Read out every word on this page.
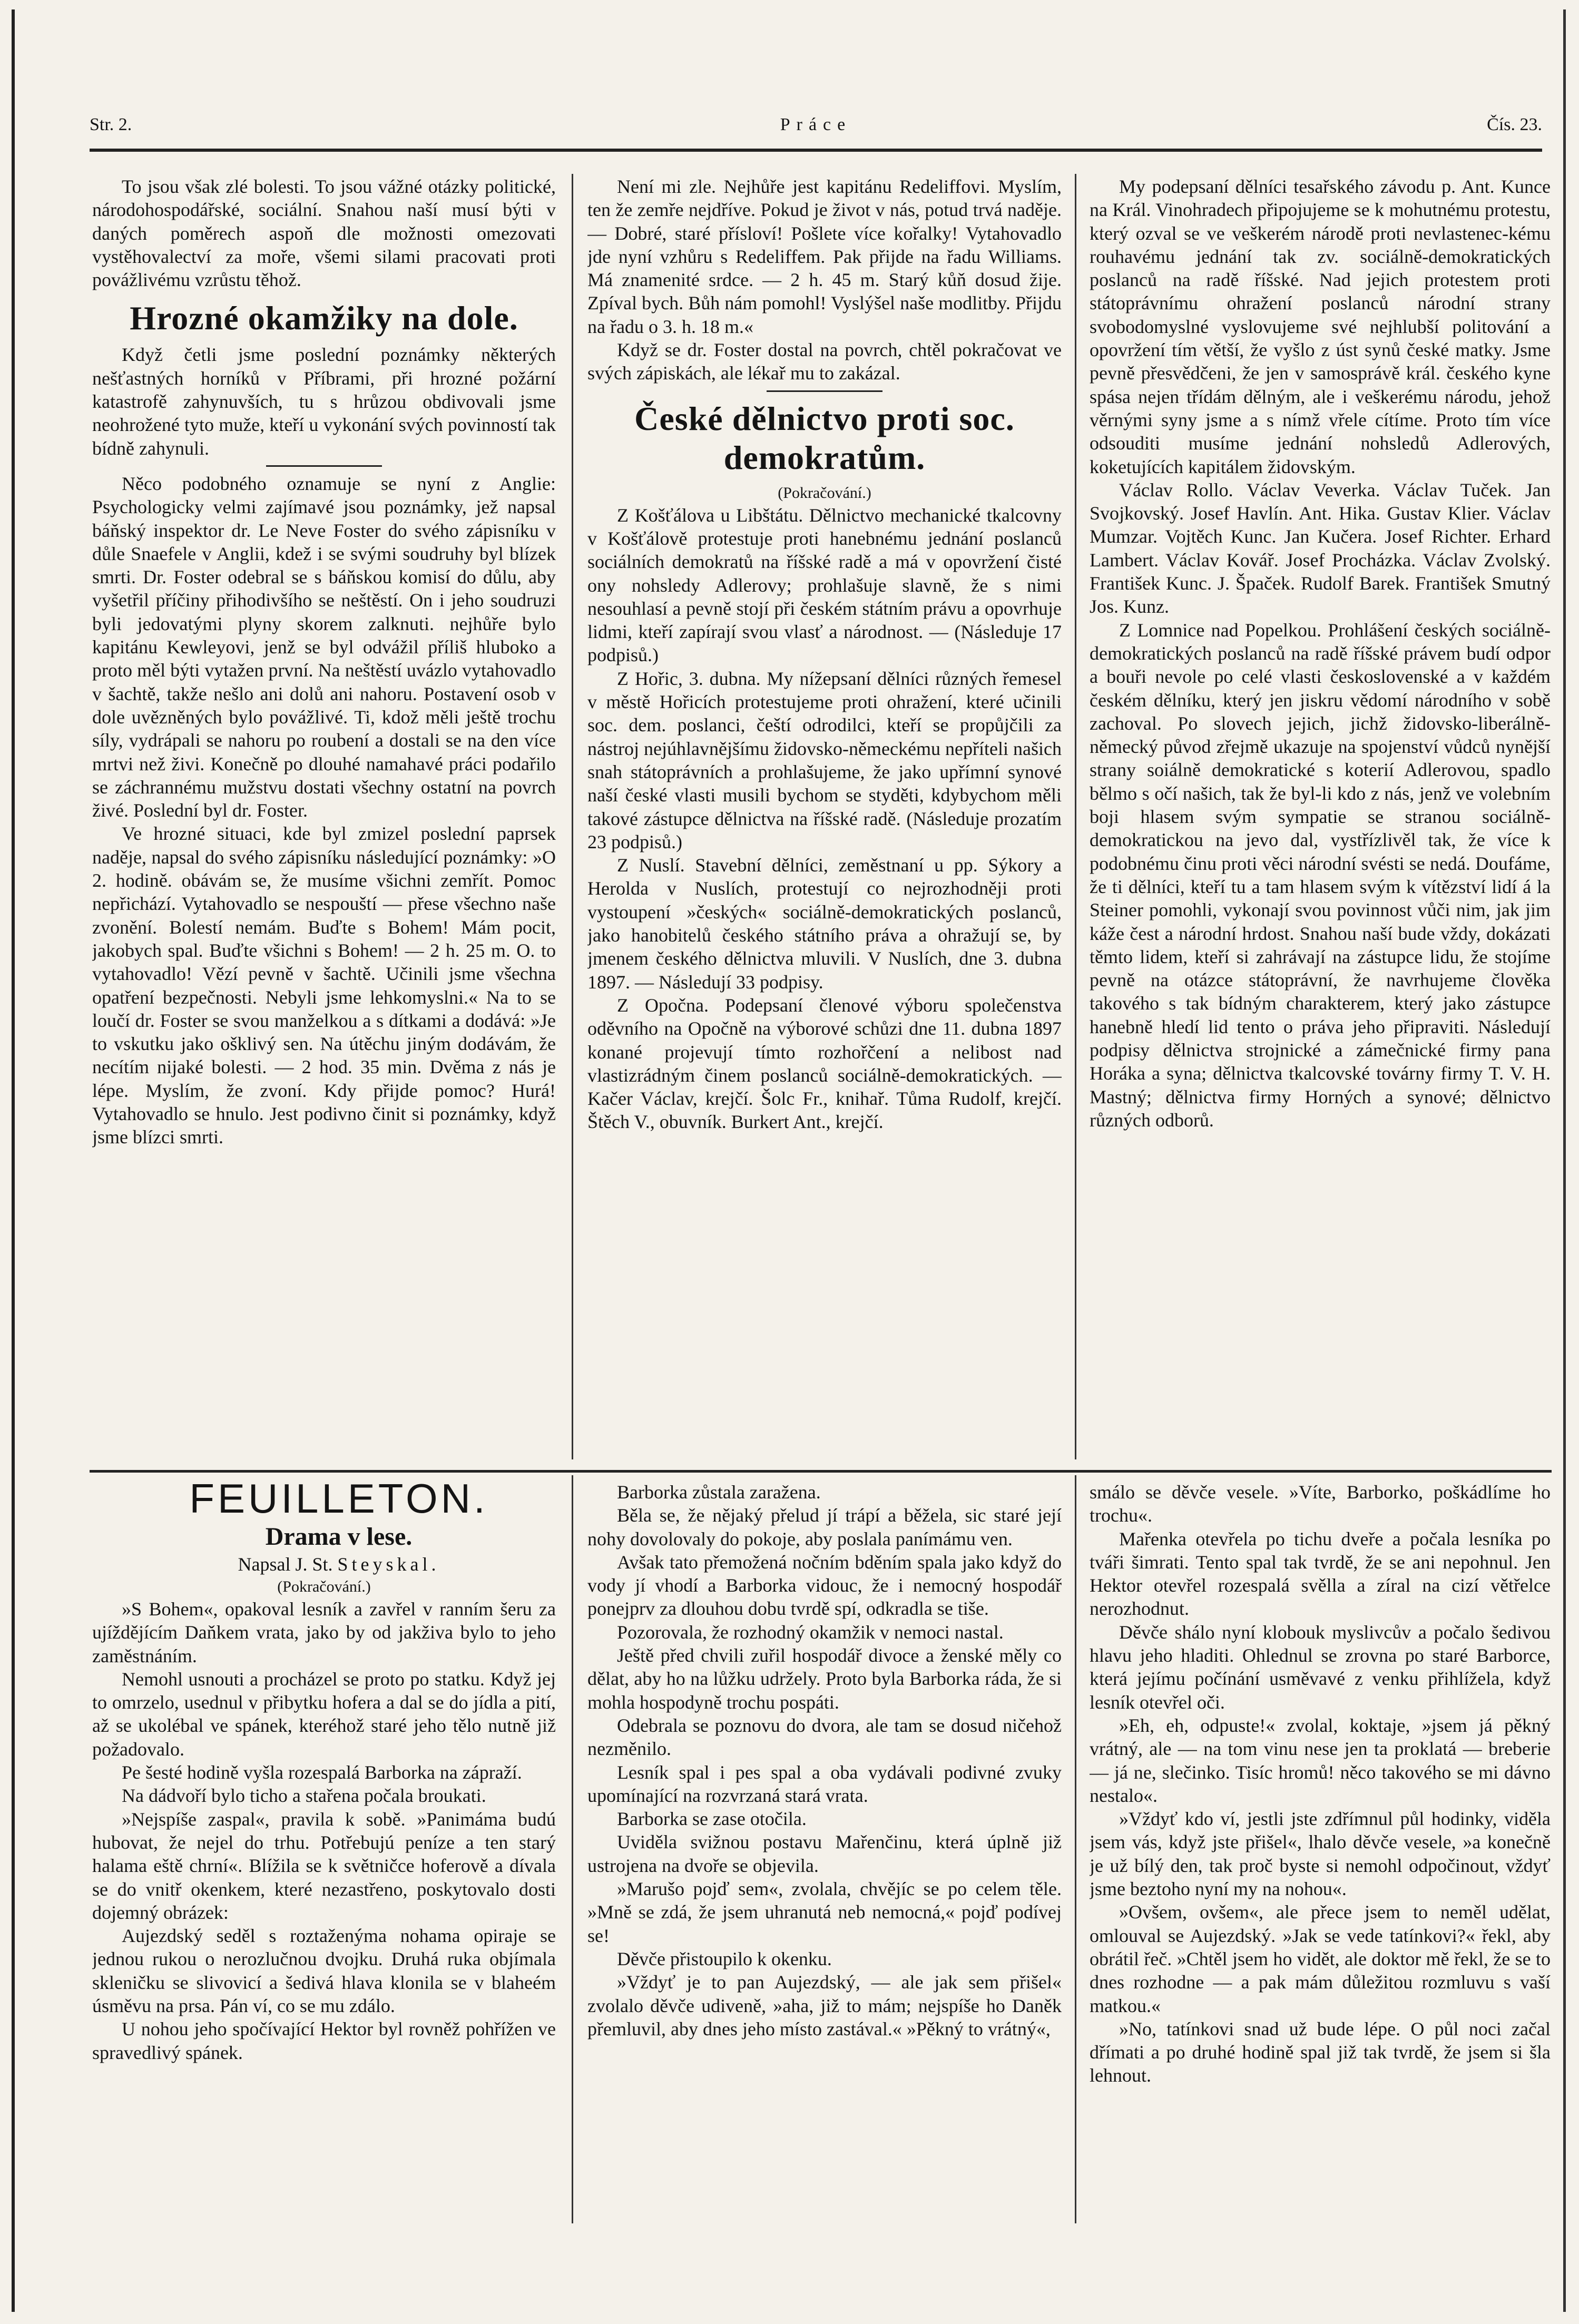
Str. 2.	Práce	Čís. 23.

To jsou však zlé bolesti. To jsou vážné otázky politické, národohospodářské, sociální. Snahou naší musí býti v daných poměrech aspoň dle možnosti omezovati vystěhovalectví za moře, všemi silami pracovati proti povážlivému vzrůstu těhož.

Hrozné okamžiky na dole.

Když četli jsme poslední poznámky některých nešťastných horníků v Příbrami, při hrozné požární katastrofě zahynuvších, tu s hrůzou obdivovali jsme neohrožené tyto muže, kteří u vykonání svých povinností tak bídně zahynuli.

Něco podobného oznamuje se nyní z Anglie: Psychologicky velmi zajímavé jsou poznámky, jež napsal báňský inspektor dr. Le Neve Foster do svého zápisníku v důle Snaefele v Anglii, kdež i se svými soudruhy byl blízek smrti. Dr. Foster odebral se s báňskou komisí do důlu, aby vyšetřil příčiny přihodivšího se neštěstí. On i jeho soudruzi byli jedovatými plyny skorem zalknuti. nejhůře bylo kapitánu Kewleyovi, jenž se byl odvážil příliš hluboko a proto měl býti vytažen první. Na neštěstí uvázlo vytahovadlo v šachtě, takže nešlo ani dolů ani nahoru. Postavení osob v dole uvězněných bylo povážlivé. Ti, kdož měli ještě trochu síly, vydrápali se nahoru po roubení a dostali se na den více mrtvi než živi. Konečně po dlouhé namahavé práci podařilo se záchrannému mužstvu dostati všechny ostatní na povrch živé. Poslední byl dr. Foster.

Ve hrozné situaci, kde byl zmizel poslední paprsek naděje, napsal do svého zápisníku následující poznámky: »O 2. hodině. obávám se, že musíme všichni zemřít. Pomoc nepřichází. Vytahovadlo se nespouští — přese všechno naše zvonění. Bolestí nemám. Buďte s Bohem! Mám pocit, jakobych spal. Buďte všichni s Bohem! — 2 h. 25 m. O. to vytahovadlo! Vězí pevně v šachtě. Učinili jsme všechna opatření bezpečnosti. Nebyli jsme lehkomyslni.« Na to se loučí dr. Foster se svou manželkou a s dítkami a dodává: »Je to vskutku jako ošklivý sen. Na útěchu jiným dodávám, že necítím nijaké bolesti. — 2 hod. 35 min. Dvěma z nás je lépe. Myslím, že zvoní. Kdy přijde pomoc? Hurá! Vytahovadlo se hnulo. Jest podivno činit si poznámky, když jsme blízci smrti.

Není mi zle. Nejhůře jest kapitánu Redeliffovi. Myslím, ten že zemře nejdříve. Pokud je život v nás, potud trvá naděje. — Dobré, staré přísloví! Pošlete více kořalky! Vytahovadlo jde nyní vzhůru s Redeliffem. Pak přijde na řadu Williams. Má znamenité srdce. — 2 h. 45 m. Starý kůň dosud žije. Zpíval bych. Bůh nám pomohl! Vyslýšel naše modlitby. Přijdu na řadu o 3. h. 18 m.«

Když se dr. Foster dostal na povrch, chtěl pokračovat ve svých zápiskách, ale lékař mu to zakázal.

České dělnictvo proti soc. demokratům.

(Pokračování.)

Z Košťálova u Libštátu. Dělnictvo mechanické tkalcovny v Košťálově protestuje proti hanebnému jednání poslanců sociálních demokratů na říšské radě a má v opovržení čisté ony nohsledy Adlerovy; prohlašuje slavně, že s nimi nesouhlasí a pevně stojí při českém státním právu a opovrhuje lidmi, kteří zapírají svou vlasť a národnost. — (Následuje 17 podpisů.)

Z Hořic, 3. dubna. My nížepsaní dělníci různých řemesel v městě Hořicích protestujeme proti ohražení, které učinili soc. dem. poslanci, čeští odrodilci, kteří se propůjčili za nástroj nejúhlavnějšímu židovsko-německému nepříteli našich snah státoprávních a prohlašujeme, že jako upřímní synové naší české vlasti musili bychom se styděti, kdybychom měli takové zástupce dělnictva na říšské radě. (Následuje prozatím 23 podpisů.)

Z Nuslí. Stavební dělníci, zeměstnaní u pp. Sýkory a Herolda v Nuslích, protestují co nejrozhodněji proti vystoupení »českých« sociálně-demokratických poslanců, jako hanobitelů českého státního práva a ohražují se, by jmenem českého dělnictva mluvili. V Nuslích, dne 3. dubna 1897. — Následují 33 podpisy.

Z Opočna. Podepsaní členové výboru společenstva oděvního na Opočně na výborové schůzi dne 11. dubna 1897 konané projevují tímto rozhořčení a nelibost nad vlastizrádným činem poslanců sociálně-demokratických. — Kačer Václav, krejčí. Šolc Fr., knihař. Tůma Rudolf, krejčí. Štěch V., obuvník. Burkert Ant., krejčí.

My podepsaní dělníci tesařského závodu p. Ant. Kunce na Král. Vinohradech připojujeme se k mohutnému protestu, který ozval se ve veškerém národě proti nevlastenec-kému rouhavému jednání tak zv. sociálně-demokratických poslanců na radě říšské. Nad jejich protestem proti státoprávnímu ohražení poslanců národní strany svobodomyslné vyslovujeme své nejhlubší politování a opovržení tím větší, že vyšlo z úst synů české matky. Jsme pevně přesvědčeni, že jen v samosprávě král. českého kyne spása nejen třídám dělným, ale i veškerému národu, jehož věrnými syny jsme a s nímž vřele cítíme. Proto tím více odsouditi musíme jednání nohsledů Adlerových, koketujících kapitálem židovským.

Václav Rollo. Václav Veverka. Václav Tuček. Jan Svojkovský. Josef Havlín. Ant. Hika. Gustav Klier. Václav Mumzar. Vojtěch Kunc. Jan Kučera. Josef Richter. Erhard Lambert. Václav Kovář. Josef Procházka. Václav Zvolský. František Kunc. J. Špaček. Rudolf Barek. František Smutný Jos. Kunz.

Z Lomnice nad Popelkou. Prohlášení českých sociálně-demokratických poslanců na radě říšské právem budí odpor a bouři nevole po celé vlasti československé a v každém českém dělníku, který jen jiskru vědomí národního v sobě zachoval. Po slovech jejich, jichž židovsko-liberálně-německý původ zřejmě ukazuje na spojenství vůdců nynější strany soiálně demokratické s koterií Adlerovou, spadlo bělmo s očí našich, tak že byl-li kdo z nás, jenž ve volebním boji hlasem svým sympatie se stranou sociálně-demokratickou na jevo dal, vystřízlivěl tak, že více k podobnému činu proti věci národní svésti se nedá. Doufáme, že ti dělníci, kteří tu a tam hlasem svým k vítězství lidí á la Steiner pomohli, vykonají svou povinnost vůči nim, jak jim káže čest a národní hrdost. Snahou naší bude vždy, dokázati těmto lidem, kteří si zahrávají na zástupce lidu, že stojíme pevně na otázce státoprávní, že navrhujeme člověka takového s tak bídným charakterem, který jako zástupce hanebně hledí lid tento o práva jeho připraviti. Následují podpisy dělnictva strojnické a zámečnické firmy pana Horáka a syna; dělnictva tkalcovské továrny firmy T. V. H. Mastný; dělnictva firmy Horných a synové; dělnictvo různých odborů.

FEUILLETON.

Drama v lese.

Napsal J. St. Steyskal.

(Pokračování.)

»S Bohem«, opakoval lesník a zavřel v ranním šeru za ujíždějícím Daňkem vrata, jako by od jakživa bylo to jeho zaměstnáním.

Nemohl usnouti a procházel se proto po statku. Když jej to omrzelo, usednul v přibytku hofera a dal se do jídla a pití, až se ukolébal ve spánek, kteréhož staré jeho tělo nutně již požadovalo.

Pe šesté hodině vyšla rozespalá Barborka na zápraží.

Na dádvoří bylo ticho a stařena počala broukati.

»Nejspíše zaspal«, pravila k sobě. »Panimáma budú hubovat, že nejel do trhu. Potřebujú peníze a ten starý halama eště chrní«. Blížila se k světničce hoferově a dívala se do vnitř okenkem, které nezastřeno, poskytovalo dosti dojemný obrázek:

Aujezdský seděl s roztaženýma nohama opiraje se jednou rukou o nerozlučnou dvojku. Druhá ruka objímala skleničku se slivovicí a šedivá hlava klonila se v blaheém úsměvu na prsa. Pán ví, co se mu zdálo.

U nohou jeho spočívající Hektor byl rovněž pohřížen ve spravedlivý spánek.

Barborka zůstala zaražena.

Běla se, že nějaký přelud jí trápí a běžela, sic staré její nohy dovolovaly do pokoje, aby poslala panímámu ven.

Avšak tato přemožená nočním bděním spala jako když do vody jí vhodí a Barborka vidouc, že i nemocný hospodář ponejprv za dlouhou dobu tvrdě spí, odkradla se tiše.

Pozorovala, že rozhodný okamžik v nemoci nastal.

Ještě před chvili zuřil hospodář divoce a ženské měly co dělat, aby ho na lůžku udržely. Proto byla Barborka ráda, že si mohla hospodyně trochu pospáti.

Odebrala se poznovu do dvora, ale tam se dosud ničehož nezměnilo.

Lesník spal i pes spal a oba vydávali podivné zvuky upomínající na rozvrzaná stará vrata.

Barborka se zase otočila.

Uviděla svižnou postavu Mařenčinu, která úplně již ustrojena na dvoře se objevila.

»Marušo pojď sem«, zvolala, chvějíc se po celem těle. »Mně se zdá, že jsem uhranutá neb nemocná,« pojď podívej se!

Děvče přistoupilo k okenku.

»Vždyť je to pan Aujezdský, — ale jak sem přišel« zvolalo děvče udiveně, »aha, již to mám; nejspíše ho Daněk přemluvil, aby dnes jeho místo zastával.« »Pěkný to vrátný«,

smálo se děvče vesele. »Víte, Barborko, poškádlíme ho trochu«.

Mařenka otevřela po tichu dveře a počala lesníka po tváři šimrati. Tento spal tak tvrdě, že se ani nepohnul. Jen Hektor otevřel rozespalá svělla a zíral na cizí větřelce nerozhodnut.

Děvče shálo nyní klobouk myslivcův a počalo šedivou hlavu jeho hladiti. Ohlednul se zrovna po staré Barborce, která jejímu počínání usměvavé z venku přihlížela, když lesník otevřel oči.

»Eh, eh, odpuste!« zvolal, koktaje, »jsem já pěkný vrátný, ale — na tom vinu nese jen ta proklatá — breberie — já ne, slečinko. Tisíc hromů! něco takového se mi dávno nestalo«.

»Vždyť kdo ví, jestli jste zdřímnul půl hodinky, viděla jsem vás, když jste přišel«, lhalo děvče vesele, »a konečně je už bílý den, tak proč byste si nemohl odpočinout, vždyť jsme beztoho nyní my na nohou«.

»Ovšem, ovšem«, ale přece jsem to neměl udělat, omlouval se Aujezdský. »Jak se vede tatínkovi?« řekl, aby obrátil řeč. »Chtěl jsem ho vidět, ale doktor mě řekl, že se to dnes rozhodne — a pak mám důležitou rozmluvu s vaší matkou.«

»No, tatínkovi snad už bude lépe. O půl noci začal dřímati a po druhé hodině spal již tak tvrdě, že jsem si šla lehnout.
